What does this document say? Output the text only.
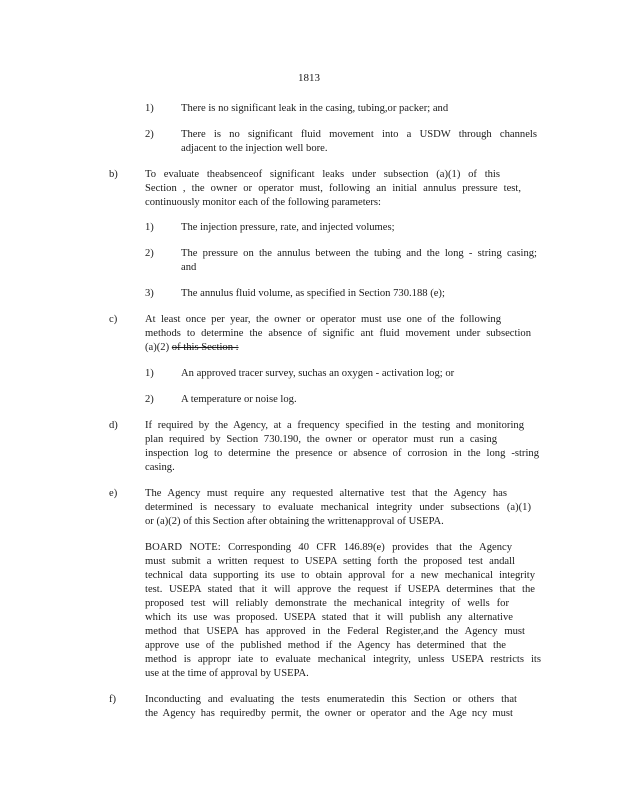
1813
1)	There is no significant leak in the casing, tubing,or packer; and
2)	There is no significant fluid movement into a USDW through channels
adjacent to the injection well bore.
b)	To evaluate theabsenceof significant leaks under subsection (a)(1) of this
Section , the owner or operator must, following an initial annulus pressure test,
continuously monitor each of the following parameters:
1)	The injection pressure, rate, and injected volumes;
2)	The pressure on the annulus between the tubing and the long - string casing;
and
3)	The annulus fluid volume, as specified in Section 730.188 (e);
c)	At least once per year, the owner or operator must use one of the following
methods to determine the absence of signific ant fluid movement under subsection
(a)(2) of this Section :
1)	An approved tracer survey, suchas an oxygen - activation log; or
2)	A temperature or noise log.
d)	If required by the Agency, at a frequency specified in the testing and monitoring
plan required by Section 730.190, the owner or operator must run a casing
inspection log to determine the presence or absence of corrosion in the long -string
casing.
e)	The Agency must require any requested alternative test that the Agency has
determined is necessary to evaluate mechanical integrity under subsections (a)(1)
or (a)(2) of this Section after obtaining the writtenapproval of USEPA.
BOARD NOTE: Corresponding 40 CFR 146.89(e) provides that the Agency
must submit a written request to USEPA setting forth the proposed test andall
technical data supporting its use to obtain approval for a new mechanical integrity
test. USEPA stated that it will approve the request if USEPA determines that the
proposed test will reliably demonstrate the mechanical integrity of wells for
which its use was proposed. USEPA stated that it will publish any alternative
method that USEPA has approved in the Federal Register,and the Agency must
approve use of the published method if the Agency has determined that the
method is appropr iate to evaluate mechanical integrity, unless USEPA restricts its
use at the time of approval by USEPA.
f)	Inconducting and evaluating the tests enumeratedin this Section or others that
the Agency has requiredby permit, the owner or operator and the Age ncy must
